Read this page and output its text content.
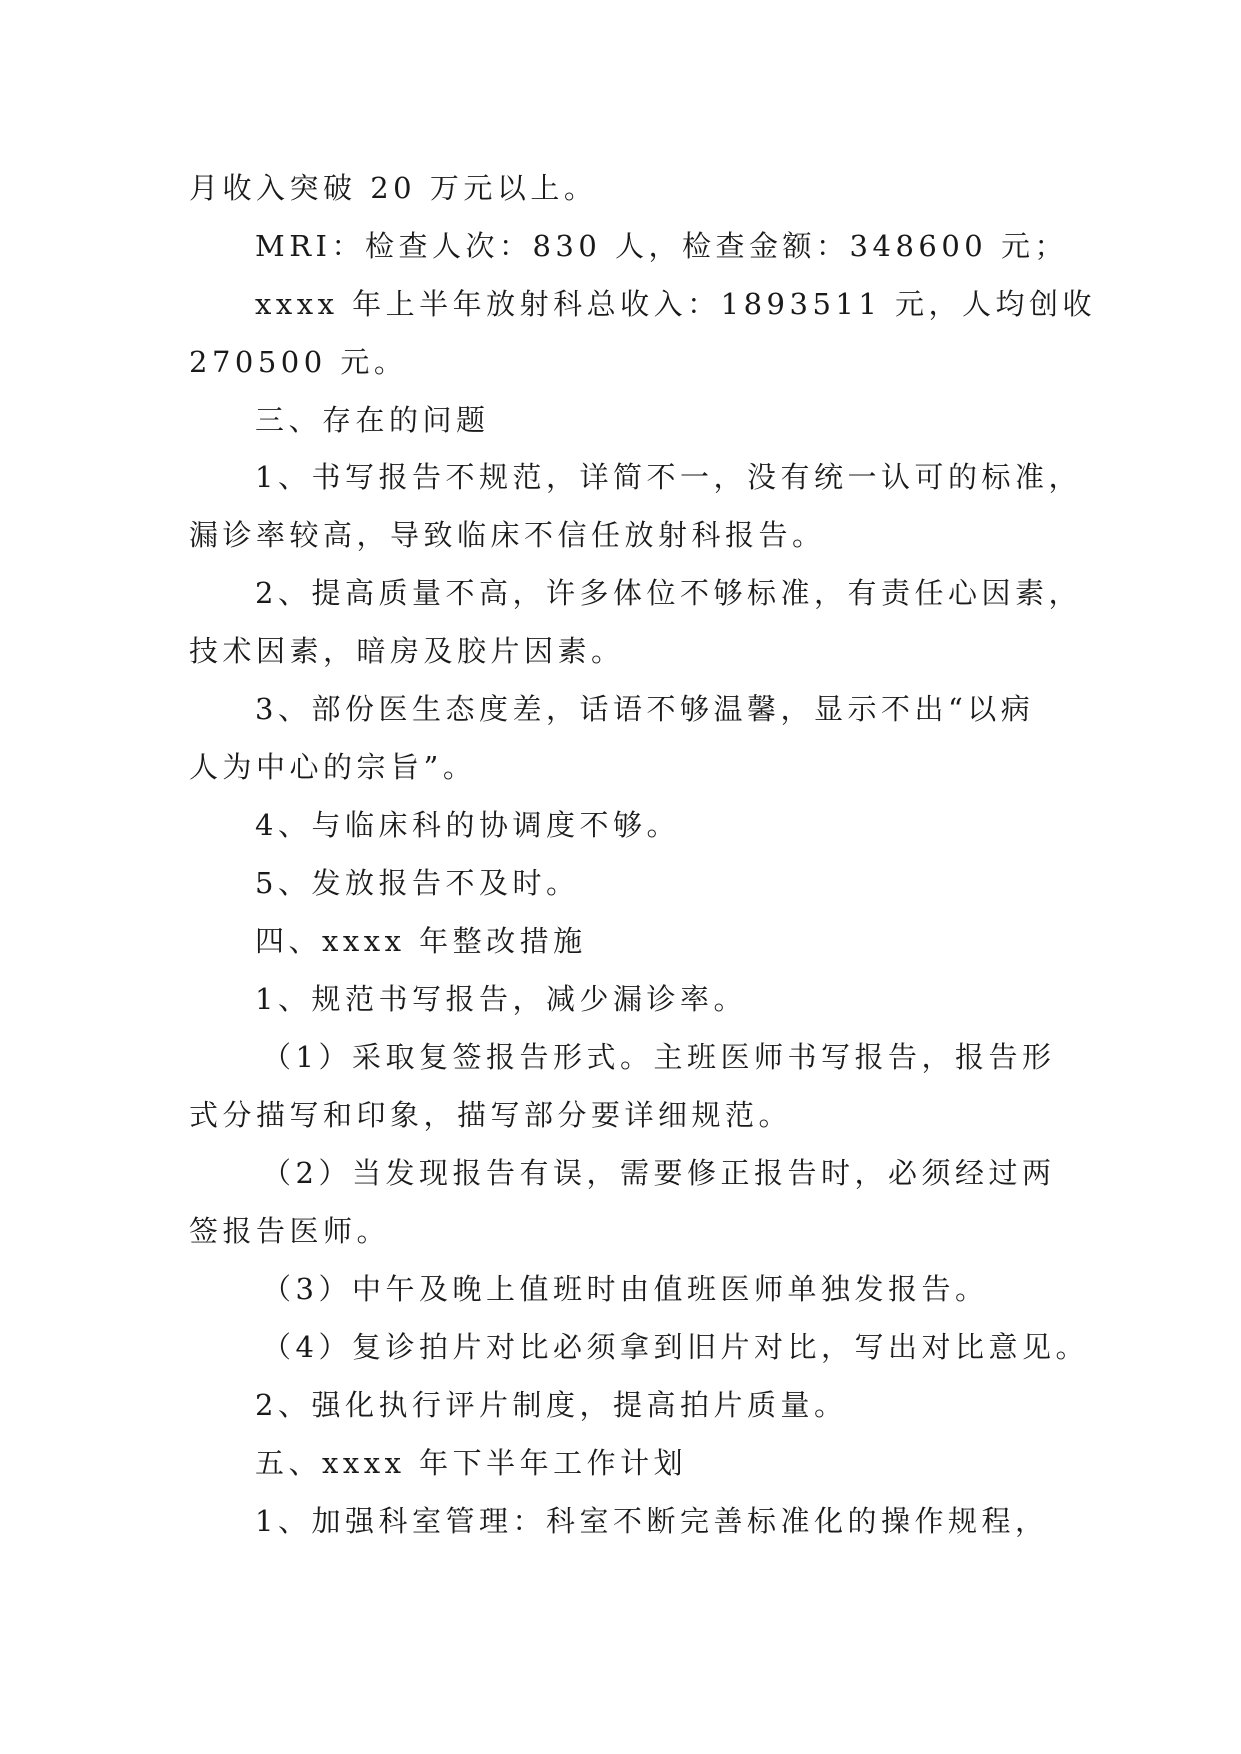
月收入突破 20 万元以上。
MRI：检查人次：830 人，检查金额：348600 元；
xxxx 年上半年放射科总收入：1893511 元，人均创收
270500 元。
三、存在的问题
1、书写报告不规范，详简不一，没有统一认可的标准，
漏诊率较高，导致临床不信任放射科报告。
2、提高质量不高，许多体位不够标准，有责任心因素，
技术因素，暗房及胶片因素。
3、部份医生态度差，话语不够温馨，显示不出“以病
人为中心的宗旨”。
4、与临床科的协调度不够。
5、发放报告不及时。
四、xxxx 年整改措施
1、规范书写报告，减少漏诊率。
（1）采取复签报告形式。主班医师书写报告，报告形
式分描写和印象，描写部分要详细规范。
（2）当发现报告有误，需要修正报告时，必须经过两
签报告医师。
（3）中午及晚上值班时由值班医师单独发报告。
（4）复诊拍片对比必须拿到旧片对比，写出对比意见。
2、强化执行评片制度，提高拍片质量。
五、xxxx 年下半年工作计划
1、加强科室管理：科室不断完善标准化的操作规程，
